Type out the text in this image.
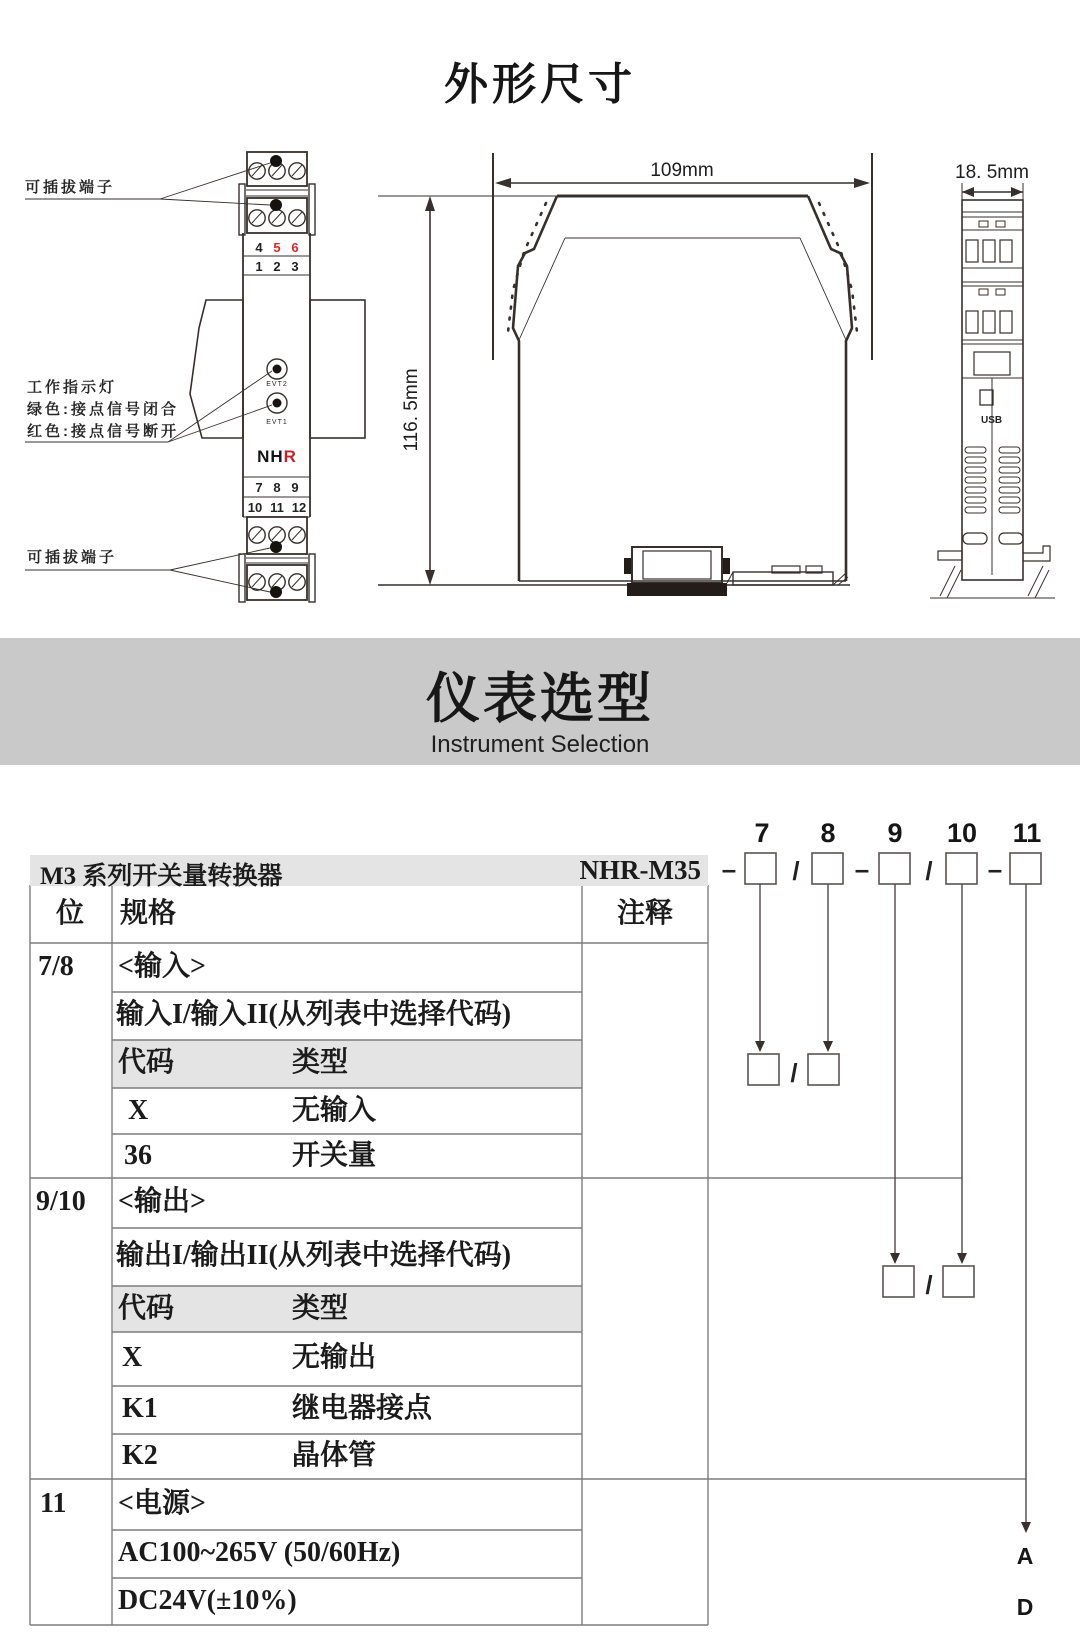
外形尺寸
4 5 6
1 2 3
EVT2
EVT1
NHR
7 8 9
10 11 12
可插拔端子
工作指示灯
绿色:接点信号闭合
红色:接点信号断开
可插拔端子
109mm
116. 5mm
18. 5mm
USB
仪表选型
Instrument Selection
7 8 9 10 11
– / – / –
/
/
M3 系列开关量转换器	NHR-M35
位 规格	注释
7/8 <输入>
输入I/输入II(从列表中选择代码)
代码	类型
X	无输入
36	开关量
9/10 <输出>
输出I/输出II(从列表中选择代码)
代码	类型
X	无输出
K1	继电器接点
K2	晶体管
11 <电源>
AC100~265V (50/60Hz)
DC24V(±10%)
A
D
